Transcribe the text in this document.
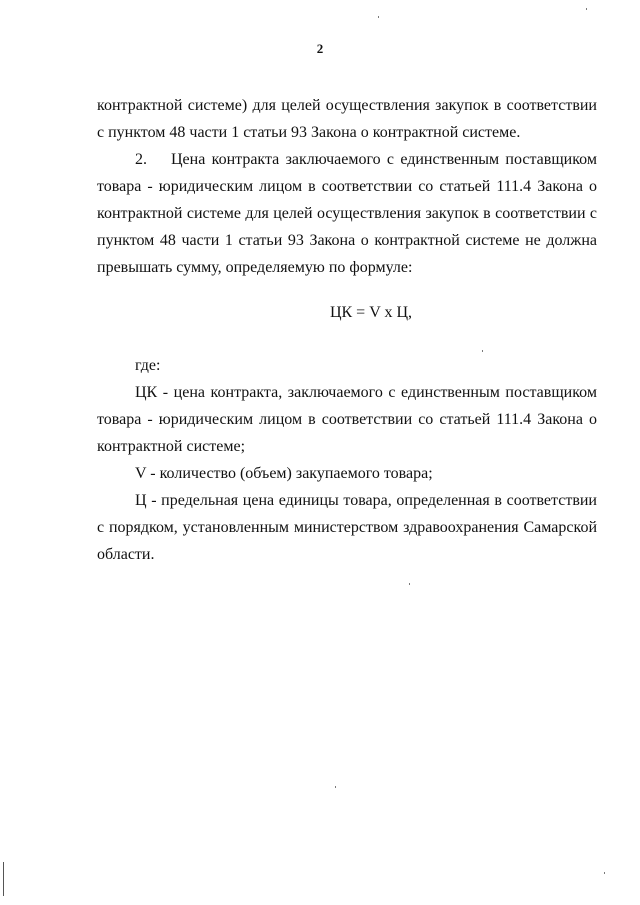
2

контрактной системе) для целей осуществления закупок в соответствии с пунктом 48 части 1 статьи 93 Закона о контрактной системе.

2.  Цена контракта заключаемого с единственным поставщиком товара - юридическим лицом в соответствии со статьей 111.4 Закона о контрактной системе для целей осуществления закупок в соответствии с пунктом 48 части 1 статьи 93 Закона о контрактной системе не должна превышать сумму, определяемую по формуле:

ЦК = V x Ц,

где:

ЦК - цена контракта, заключаемого с единственным поставщиком товара - юридическим лицом в соответствии со статьей 111.4 Закона о контрактной системе;

V - количество (объем) закупаемого товара;

Ц - предельная цена единицы товара, определенная в соответствии с порядком, установленным министерством здравоохранения Самарской области.
